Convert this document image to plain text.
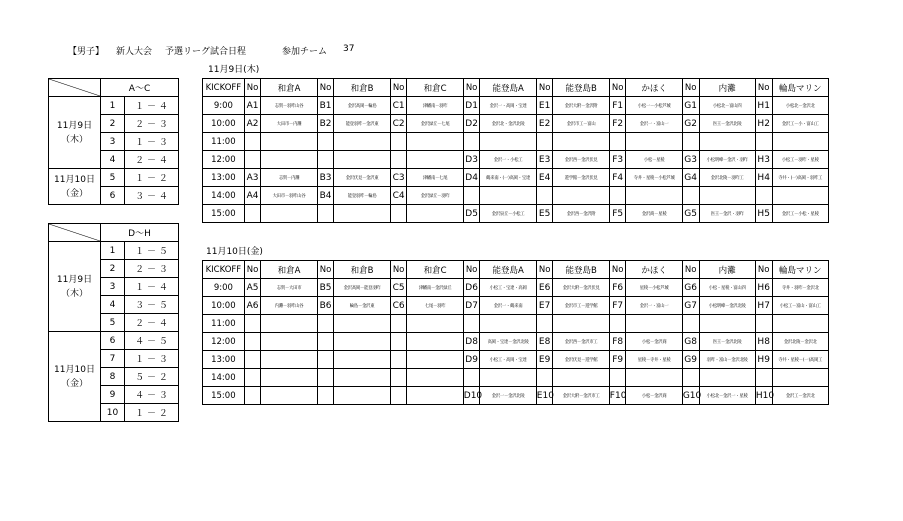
【男子】 新人大会 予選リーグ試合日程	参加チーム 37
	A～C	
11月9日
（木）	1	１ － ４
	2	２ － ３
	3	１ － ３
	4	２ － ４
11月10日
（金）	5	１ － ２
	6	３ － ４
	D～H	
11月9日
（木）	1	１ － ５
	2	２ － ３
	3	１ － ４
	4	３ － ５
	5	２ － ４
11月10日
（金）	6	４ － ５
	7	１ － ３
	8	５ － ２
	9	４ － ３
	10	１ － ２
11月9日(木)
11月10日(金)
KICKOFF	No	和倉A	No	和倉B	No	和倉C	No	能登島A	No	能登島B	No	かほく	No	内灘	No	輪島マリン
9:00	A1	志賀－羽咋山谷	B1	金沢高岡－輪島	C1	津幡南－羽咋	D1	金沢一・高岡・宝達	E1	金沢大附－金沢附	F1	小松一－小松芦城	G1	小松北－富山四	H1	小松北－金沢北
10:00	A2	大田市－内灘	B2	能登羽咋－金沢東	C2	金沢緑丘－七尾	D2	金沢北・金沢北陵	E2	金沢市工－富山	F2	金沢一・富山一	G2	医王－金沢北陵	H2	金沢工－小・富山工
11:00																
12:00							D3	金沢一・小松工	E3	金沢西－金沢伏見	F3	小松－星稜	G3	小松明峰－金沢・羽咋	H3	小松工－羽咋・星稜
13:00	A3	志賀－内灘	B3	金沢伏見－金沢東	C3	津幡南－七尾	D4	鶴来南・(一)高岡・宝達	E4	遊学館－金沢伏見	F4	寺井・星稜－小松芦城	G4	金沢北陵－羽咋工	H4	寺井・(一)高岡・羽咋工
14:00	A4	大田市－羽咋山谷	B4	能登羽咋－輪島	C4	金沢緑丘－羽咋										
15:00							D5	金沢泉丘－小松工	E5	金沢西－金沢附	F5	金沢商－星稜	G5	医王－金沢・羽咋	H5	金沢工－小松・星稜
KICKOFF	No	和倉A	No	和倉B	No	和倉C	No	能登島A	No	能登島B	No	かほく	No	内灘	No	輪島マリン
9:00	A5	志賀－大田市	B5	金沢高岡－能登羽咋	C5	津幡南－金沢緑丘	D6	小松工・宝達・高岡	E6	金沢大附－金沢伏見	F6	星稜－小松芦城	G6	小松・星稜・富山四	H6	寺井・羽咋－金沢北
10:00	A6	内灘－羽咋山谷	B6	輪島－金沢東	C6	七尾－羽咋	D7	金沢一・鶴来南	E7	金沢市工－遊学館	F7	金沢一・富山一	G7	小松明峰－金沢北陵	H7	小松工－富山・富山工
11:00																
12:00							D8	高岡・宝達－金沢北陵	E8	金沢西－金沢市工	F8	小松－金沢商	G8	医王－金沢北陵	H8	金沢北陵－金沢北
13:00							D9	小松工・高岡・宝達	E9	金沢伏見－遊学館	F9	星稜－寺井・星稜	G9	羽咋・富山－金沢北陵	H9	寺井・星稜－(一)高岡工
14:00																
15:00							D10	金沢一－金沢北陵	E10	金沢大附－金沢市工	F10	小松－金沢商	G10	小松北－金沢一・星稜	H10	金沢工－金沢北
